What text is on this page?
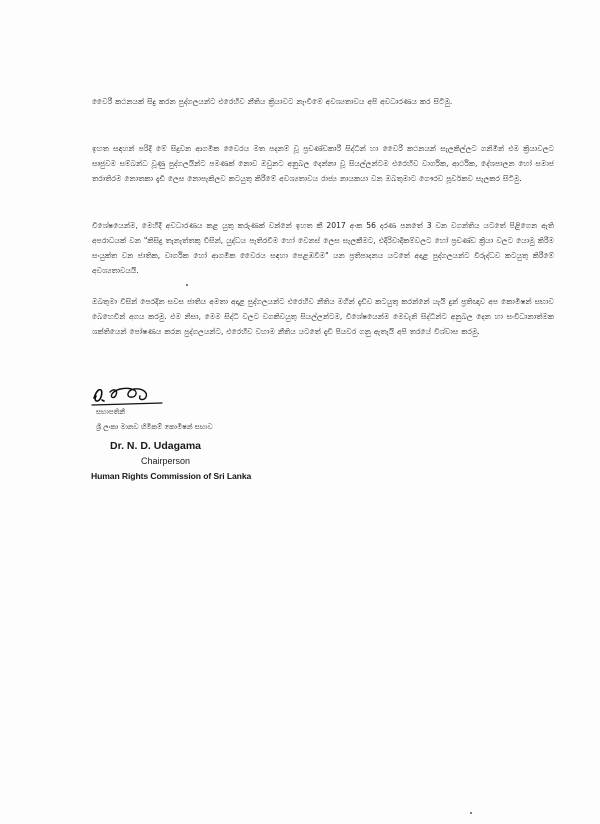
වෛරී කථනයක් සිදු කරන පුද්ගලයන්ට එරෙහිව නීතිය ක්‍රියාවට නැංවීමේ අවශ්‍යතාවය අපි අවධාරණය කර සිටිමු.
ඉහත සඳහන් පරිදි මේ සිදුවන ආගමික වෛරය මත පදනම් වූ ප්‍රචණ්ඩකාරී සිද්ධීන් හා වෛරී කථනයන් සැලකිල්ලට ගනිමින් එම ක්‍රියාවලට සෘජුවම සම්බන්ධ වූණු පුද්ගලයින්ට පමණක් නොව ඔවුනට අනුබල දෙන්නා වූ සියල්ලන්ටම එරෙහිව වාර්ගික, ආර්ථික, දේශපාලන හෝ සමාජ තරාතිරම නොතකා දැඩි ලෙස නොපැකිලව කටයුතු කිරීමේ අවශ්‍යතාවය රාජ්‍ය නායකයා වන ඔබතුමාට ගෞරව පූර්වකව සැලකර සිටිමු.
විශේෂයෙන්ම, මෙහිදී අවධාරණය කළ යුතු කරුණක් වන්නේ ඉහත කී 2017 අංක 56 දරණ පනතේ 3 වන වගන්තිය යටතේ පිළිගෙන ඇති අපරාධයක් වන "කිසිදු තැනැත්තකු විසින්, යුද්ධය පැතිරවීම හෝ වෙනස් ලෙස සැලකීමට, එදිරිවාදිකම්වලට හෝ ප්‍රචණ්ඩ ක්‍රියා වලට යොමු කිරීම සංයුක්ත වන ජාතික, වාර්ගික හෝ ආගමික වෛරය සඳහා පෙළඹවීම" යන ප්‍රතිපාදනය යටතේ අදාළ පුද්ගලයන්ට විරුද්ධව කටයුතු කිරීමේ අවශ්‍යතාවයයි.
ඔබතුමා විසින් පෙරදින සවස ජාතිය අමතා අදාළ පුද්ගලයන්ට එරෙහිව නීතිය මගින් දැඩිව කටයුතු කරන්නේ යැයි දුන් ප්‍රතිඥාව අප කොමිෂන් සභාව බෙහෙවින් අගය කරමු. එම නිසා, මෙම සිද්ධි වලට වගකිවයුතු සියල්ලන්ටම, විශේෂයෙන්ම මෙවැනි සිද්ධීන්ට අනුබල දෙන හා සංවිධානාත්මක ශක්තියෙන් පෝෂණය කරන පුද්ගලයන්ට, එරෙහිව වහාම නීතිය යටතේ දැඩි පියවර ගනු ඇතැයි අපි තරයේ විශ්වාස කරමු.
සභාපතිනී
ශ්‍රී ලංකා මානව හිමිකම් කොමිෂන් සභාව
Dr. N. D. Udagama
Chairperson
Human Rights Commission of Sri Lanka
